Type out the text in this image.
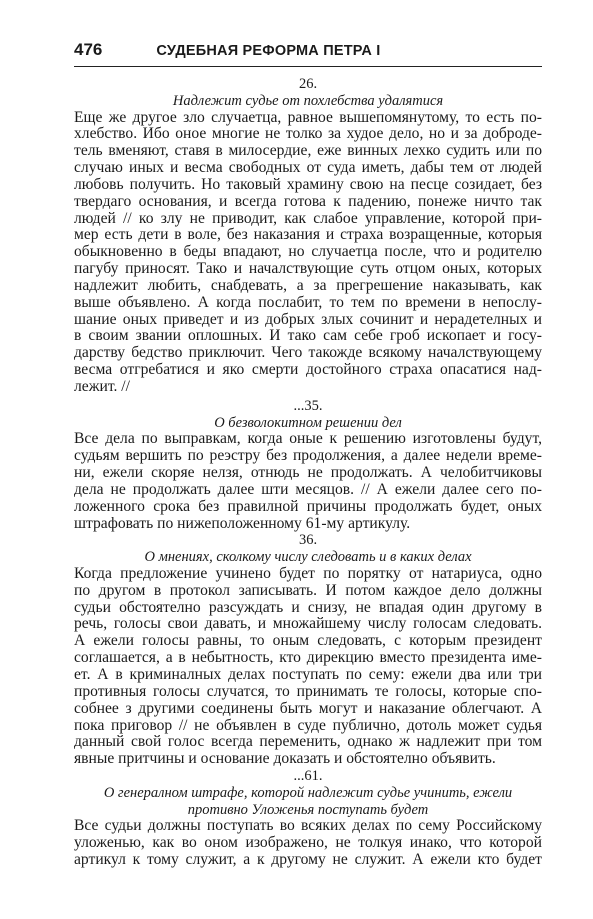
476	СУДЕБНАЯ РЕФОРМА ПЕТРА I

26.

Надлежит судье от похлебства удалятися

Еще же другое зло случаетца, равное вышепомянутому, то есть по-
хлебство. Ибо оное многие не толко за худое дело, но и за доброде-
тель вменяют, ставя в милосердие, еже винных лехко судить или по
случаю иных и весма свободных от суда иметь, дабы тем от людей
любовь получить. Но таковый храмину свою на песце созидает, без
твердаго основания, и всегда готова к падению, понеже ничто так
людей // ко злу не приводит, как слабое управление, которой при-
мер есть дети в воле, без наказания и страха возращенные, которыя
обыкновенно в беды впадают, но случаетца после, что и родителю
пагубу приносят. Тако и началствующие суть отцом оных, которых
надлежит любить, снабдевать, а за прегрешение наказывать, как
выше объявлено. А когда послабит, то тем по времени в непослу-
шание оных приведет и из добрых злых сочинит и нерадетелных и
в своим звании оплошных. И тако сам себе гроб ископает и госу-
дарству бедство приключит. Чего такожде всякому началствующему
весма отгребатися и яко смерти достойного страха опасатися над-
лежит. //

...35.

О безволокитном решении дел

Все дела по выправкам, когда оные к решению изготовлены будут,
судьям вершить по реэстру без продолжения, а далее недели време-
ни, ежели скоряе нелзя, отнюдь не продолжать. А челобитчиковы
дела не продолжать далее шти месяцов. // А ежели далее сего по-
ложенного срока без правилной причины продолжать будет, оных
штрафовать по нижеположенному 61-му артикулу.

36.

О мнениях, сколкому числу следовать и в каких делах

Когда предложение учинено будет по порятку от натариуса, одно
по другом в протокол записывать. И потом каждое дело должны
судьи обстоятелно разсуждать и снизу, не впадая один другому в
речь, голосы свои давать, и множайшему числу голосам следовать.
А ежели голосы равны, то оным следовать, с которым президент
соглашается, а в небытность, кто дирекцию вместо президента име-
ет. А в криминалных делах поступать по сему: ежели два или три
противныя голосы случатся, то принимать те голосы, которые спо-
собнее з другими соединены быть могут и наказание облегчают. А
пока приговор // не объявлен в суде публично, дотоль может судья
данный свой голос всегда переменить, однако ж надлежит при том
явные притчины и основание доказать и обстоятелно объявить.

...61.

О генералном штрафе, которой надлежит судье учинить, ежели

противно Уложенья поступать будет

Все судьи должны поступать во всяких делах по сему Российскому
уложенью, как во оном изображено, не толкуя инако, что которой
артикул к тому служит, а к другому не служит. А ежели кто будет
